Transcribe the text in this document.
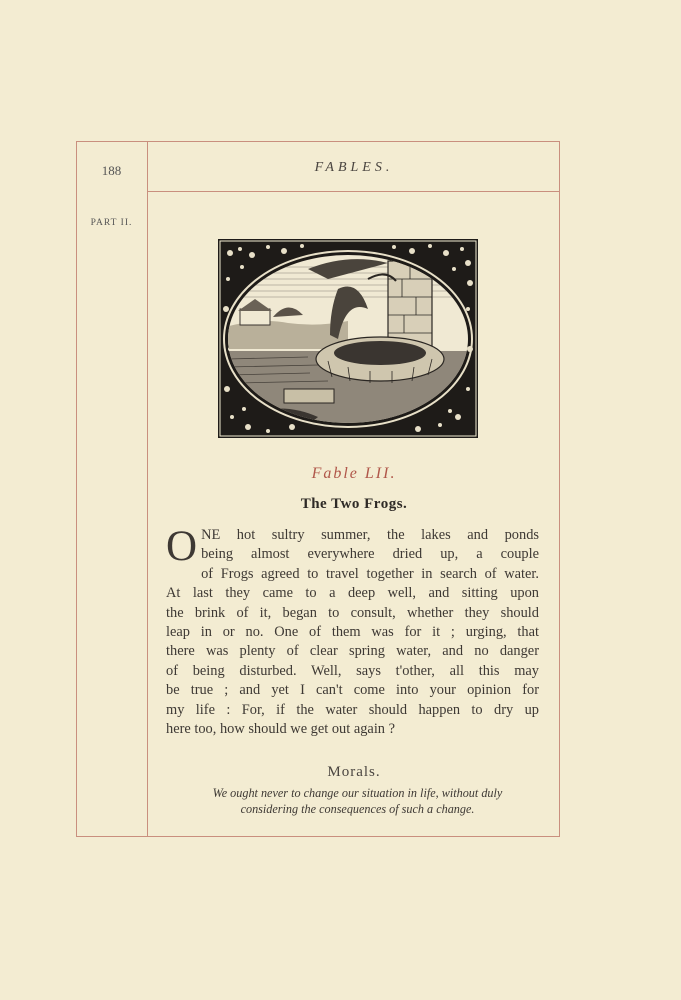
188	FABLES.
PART II.
Fable LII.
The Two Frogs.
O NE hot sultry summer, the lakes and ponds
being almost everywhere dried up, a couple
of Frogs agreed to travel together in search of water.
At last they came to a deep well, and sitting upon
the brink of it, began to consult, whether they should
leap in or no. One of them was for it ; urging, that
there was plenty of clear spring water, and no danger
of being disturbed. Well, says t'other, all this may
be true ; and yet I can't come into your opinion for
my life : For, if the water should happen to dry up
here too, how should we get out again ?
Morals.
We ought never to change our situation in life, without duly
considering the consequences of such a change.
